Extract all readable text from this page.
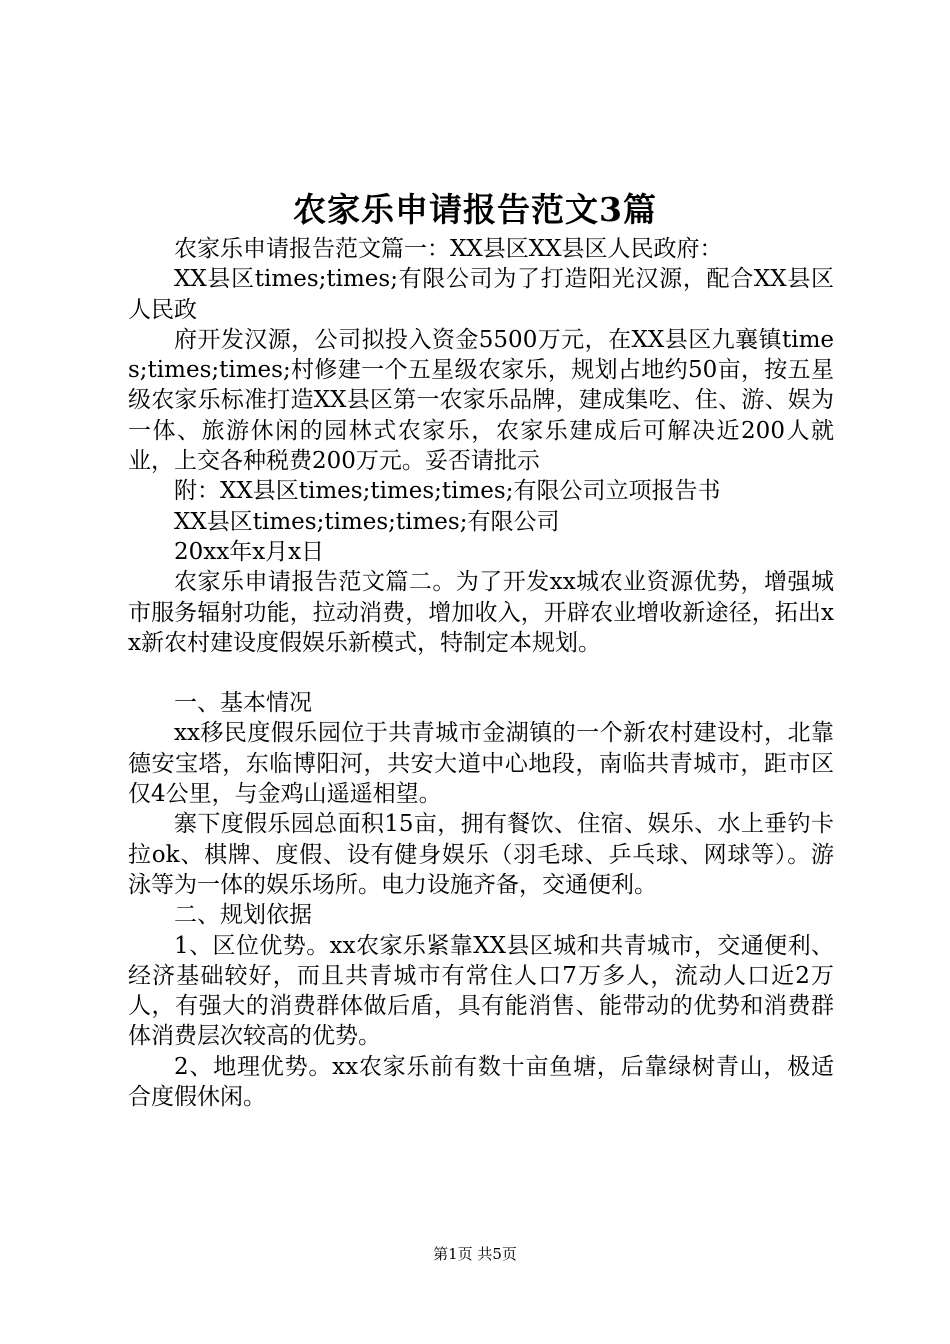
农家乐申请报告范文3篇

农家乐申请报告范文篇一：XX县区XX县区人民政府：

XX县区times;times;有限公司为了打造阳光汉源，配合XX县区人民政

府开发汉源，公司拟投入资金5500万元，在XX县区九襄镇times;times;times;村修建一个五星级农家乐，规划占地约50亩，按五星级农家乐标准打造XX县区第一农家乐品牌，建成集吃、住、游、娱为一体、旅游休闲的园林式农家乐，农家乐建成后可解决近200人就业，上交各种税费200万元。妥否请批示

附：XX县区times;times;times;有限公司立项报告书

XX县区times;times;times;有限公司

20xx年x月x日

农家乐申请报告范文篇二。为了开发xx城农业资源优势，增强城市服务辐射功能，拉动消费，增加收入，开辟农业增收新途径，拓出xx新农村建设度假娱乐新模式，特制定本规划。

一、基本情况

xx移民度假乐园位于共青城市金湖镇的一个新农村建设村，北靠德安宝塔，东临博阳河，共安大道中心地段，南临共青城市，距市区仅4公里，与金鸡山遥遥相望。

寨下度假乐园总面积15亩，拥有餐饮、住宿、娱乐、水上垂钓卡拉ok、棋牌、度假、设有健身娱乐（羽毛球、乒乓球、网球等）。游泳等为一体的娱乐场所。电力设施齐备，交通便利。

二、规划依据

1、区位优势。xx农家乐紧靠XX县区城和共青城市，交通便利、经济基础较好，而且共青城市有常住人口7万多人，流动人口近2万人，有强大的消费群体做后盾，具有能消售、能带动的优势和消费群体消费层次较高的优势。

2、地理优势。xx农家乐前有数十亩鱼塘，后靠绿树青山，极适合度假休闲。

第1页 共5页
